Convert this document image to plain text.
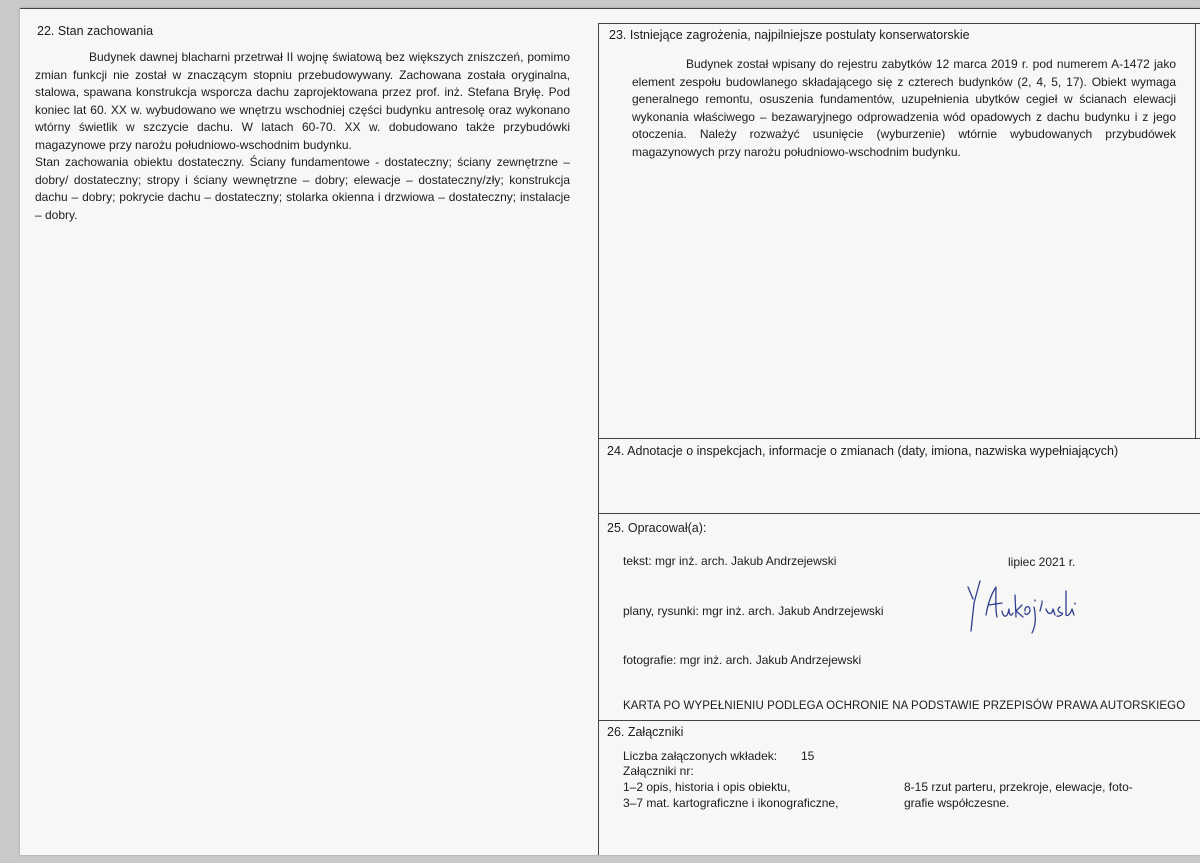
22. Stan zachowania

Budynek dawnej blacharni przetrwał II wojnę światową bez większych zniszczeń, pomimo zmian funkcji nie został w znaczącym stopniu przebudowywany. Zachowana została oryginalna, stalowa, spawana konstrukcja wsporcza dachu zaprojektowana przez prof. inż. Stefana Bryłę. Pod koniec lat 60. XX w. wybudowano we wnętrzu wschodniej części budynku antresolę oraz wykonano wtórny świetlik w szczycie dachu. W latach 60-70. XX w. dobudowano także przybudówki magazynowe przy narożu południowo-wschodnim budynku.

Stan zachowania obiektu dostateczny. Ściany fundamentowe - dostateczny; ściany zewnętrzne – dobry/ dostateczny; stropy i ściany wewnętrzne – dobry; elewacje – dostateczny/zły; konstrukcja dachu – dobry; pokrycie dachu – dostateczny; stolarka okienna i drzwiowa – dostateczny; instalacje – dobry.

23. Istniejące zagrożenia, najpilniejsze postulaty konserwatorskie

Budynek został wpisany do rejestru zabytków 12 marca 2019 r. pod numerem A-1472 jako element zespołu budowlanego składającego się z czterech budynków (2, 4, 5, 17). Obiekt wymaga generalnego remontu, osuszenia fundamentów, uzupełnienia ubytków cegieł w ścianach elewacji wykonania właściwego – bezawaryjnego odprowadzenia wód opadowych z dachu budynku i z jego otoczenia. Należy rozważyć usunięcie (wyburzenie) wtórnie wybudowanych przybudówek magazynowych przy narożu południowo-wschodnim budynku.

24. Adnotacje o inspekcjach, informacje o zmianach (daty, imiona, nazwiska wypełniających)
25. Opracował(a):
tekst: mgr inż. arch. Jakub Andrzejewski	lipiec 2021 r.
plany, rysunki: mgr inż. arch. Jakub Andrzejewski
fotografie: mgr inż. arch. Jakub Andrzejewski
KARTA PO WYPEŁNIENIU PODLEGA OCHRONIE NA PODSTAWIE PRZEPISÓW PRAWA AUTORSKIEGO
26. Załączniki
Liczba załączonych wkładek: 15
Załączniki nr:
1–2 opis, historia i opis obiektu,
3–7 mat. kartograficzne i ikonograficzne,
8-15 rzut parteru, przekroje, elewacje, foto-
grafie współczesne.
